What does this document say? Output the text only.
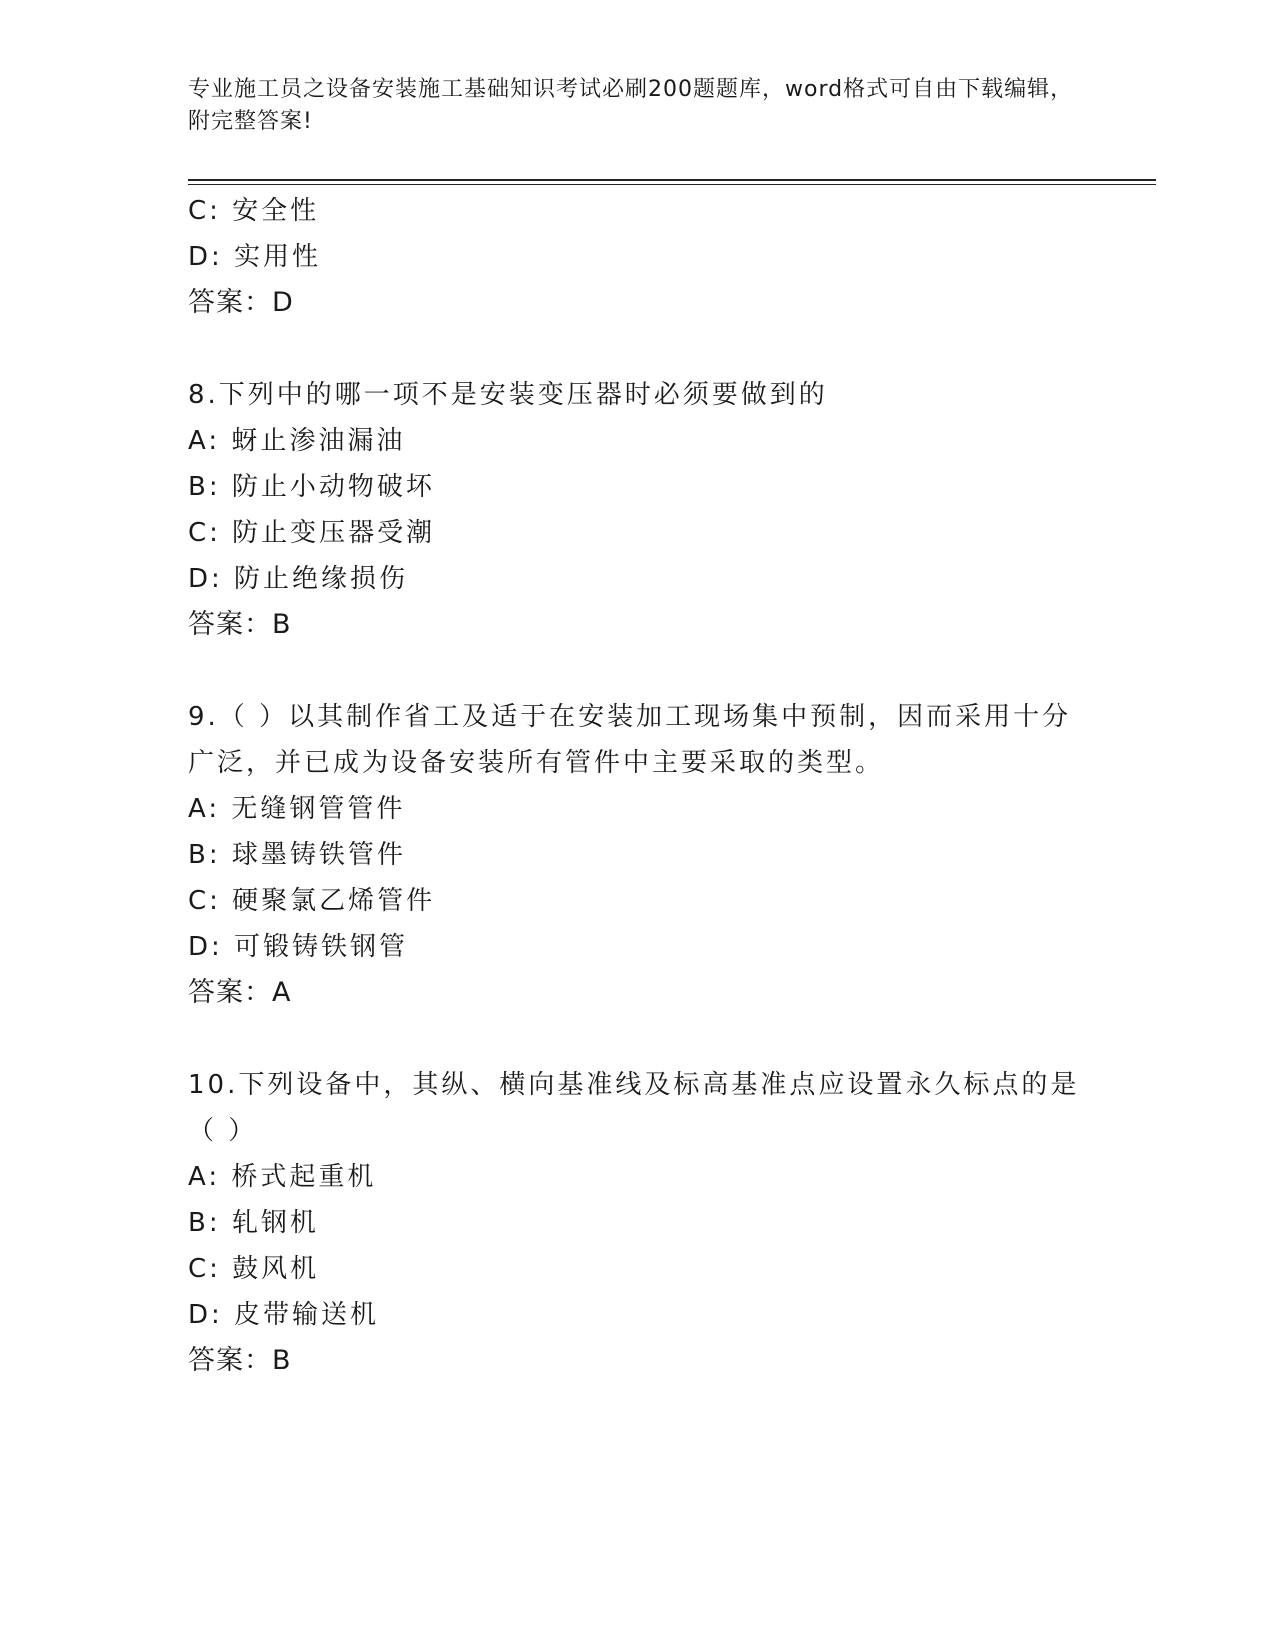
专业施工员之设备安装施工基础知识考试必刷200题题库，word格式可自由下载编辑，附完整答案!
C: 安全性
D: 实用性
答案：D
8.下列中的哪一项不是安装变压器时必须要做到的
A: 蚜止渗油漏油
B: 防止小动物破坏
C: 防止变压器受潮
D: 防止绝缘损伤
答案：B
9.（ ）以其制作省工及适于在安装加工现场集中预制，因而采用十分广泛，并已成为设备安装所有管件中主要采取的类型。
A: 无缝钢管管件
B: 球墨铸铁管件
C: 硬聚氯乙烯管件
D: 可锻铸铁钢管
答案：A
10.下列设备中，其纵、横向基准线及标高基准点应设置永久标点的是（ ）
A: 桥式起重机
B: 轧钢机
C: 鼓风机
D: 皮带输送机
答案：B
